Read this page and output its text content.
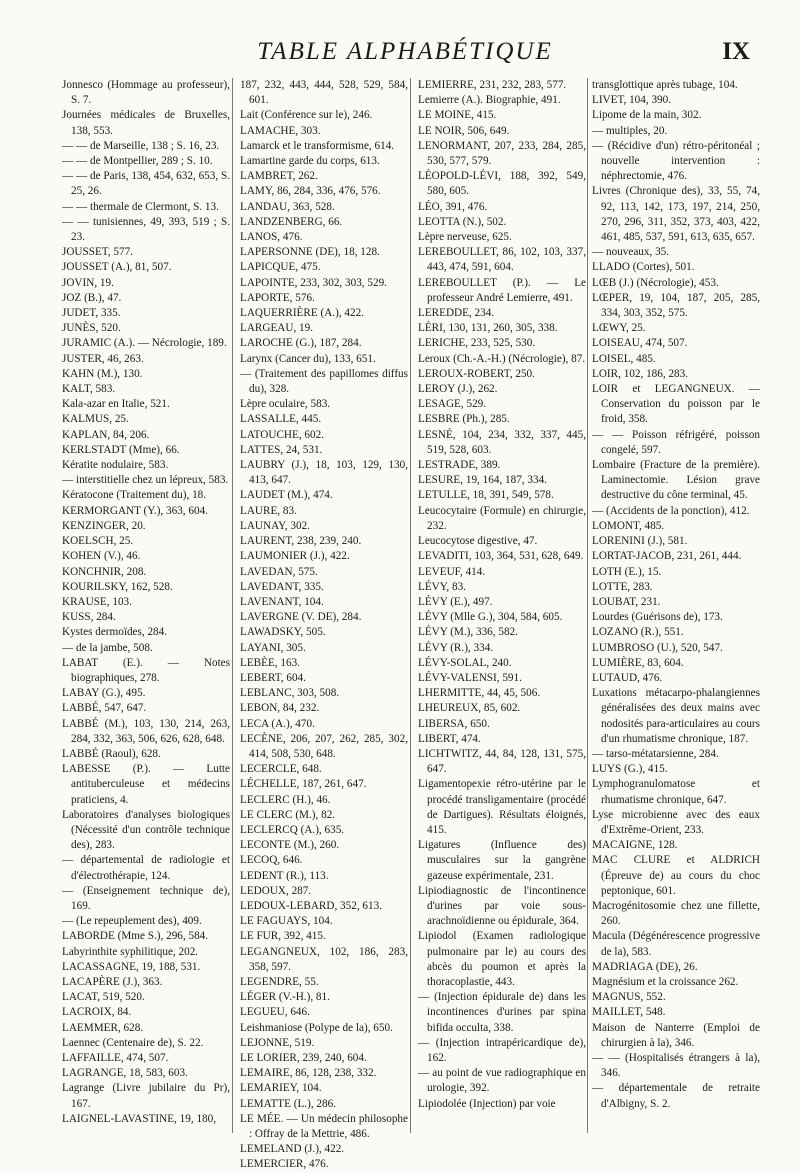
TABLE ALPHABÉTIQUE	IX
Jonnesco (Hommage au professeur), S. 7.
Journées médicales de Bruxelles, 138, 553.
— — de Marseille, 138 ; S. 16, 23.
— — de Montpellier, 289 ; S. 10.
— — de Paris, 138, 454, 632, 653, S. 25, 26.
— — thermale de Clermont, S. 13.
— — tunisiennes, 49, 393, 519 ; S. 23.
JOUSSET, 577.
JOUSSET (A.), 81, 507.
JOVIN, 19.
JOZ (B.), 47.
JUDET, 335.
JUNÈS, 520.
JURAMIC (A.). — Nécrologie, 189.
JUSTER, 46, 263.
KAHN (M.), 130.
KALT, 583.
Kala-azar en Italie, 521.
KALMUS, 25.
KAPLAN, 84, 206.
KERLSTADT (Mme), 66.
Kératite nodulaire, 583.
— interstitielle chez un lépreux, 583.
Kératocone (Traitement du), 18.
KERMORGANT (Y.), 363, 604.
KENZINGER, 20.
KOELSCH, 25.
KOHEN (V.), 46.
KONCHNIR, 208.
KOURILSKY, 162, 528.
KRAUSE, 103.
KUSS, 284.
Kystes dermoïdes, 284.
— de la jambe, 508.
LABAT (E.). — Notes biographiques, 278.
LABAY (G.), 495.
LABBÉ, 547, 647.
LABBÉ (M.), 103, 130, 214, 263, 284, 332, 363, 506, 626, 628, 648.
LABBÉ (Raoul), 628.
LABESSE (P.). — Lutte antituberculeuse et médecins praticiens, 4.
Laboratoires d'analyses biologiques (Nécessité d'un contrôle technique des), 283.
— départemental de radiologie et d'électrothérapie, 124.
— (Enseignement technique de), 169.
— (Le repeuplement des), 409.
LABORDE (Mme S.), 296, 584.
Labyrinthite syphilitique, 202.
LACASSAGNE, 19, 188, 531.
LACAPÈRE (J.), 363.
LACAT, 519, 520.
LACROIX, 84.
LAEMMER, 628.
Laennec (Centenaire de), S. 22.
LAFFAILLE, 474, 507.
LAGRANGE, 18, 583, 603.
Lagrange (Livre jubilaire du Pr), 167.
LAIGNEL-LAVASTINE, 19, 180,
187, 232, 443, 444, 528, 529, 584, 601.
Lait (Conférence sur le), 246.
LAMACHE, 303.
Lamarck et le transformisme, 614.
Lamartine garde du corps, 613.
LAMBRET, 262.
LAMY, 86, 284, 336, 476, 576.
LANDAU, 363, 528.
LANDZENBERG, 66.
LANOS, 476.
LAPERSONNE (DE), 18, 128.
LAPICQUE, 475.
LAPOINTE, 233, 302, 303, 529.
LAPORTE, 576.
LAQUERRIÈRE (A.), 422.
LARGEAU, 19.
LAROCHE (G.), 187, 284.
Larynx (Cancer du), 133, 651.
— (Traitement des papillomes diffus du), 328.
Lèpre oculaire, 583.
LASSALLE, 445.
LATOUCHE, 602.
LATTES, 24, 531.
LAUBRY (J.), 18, 103, 129, 130, 413, 647.
LAUDET (M.), 474.
LAURE, 83.
LAUNAY, 302.
LAURENT, 238, 239, 240.
LAUMONIER (J.), 422.
LAVEDAN, 575.
LAVEDANT, 335.
LAVENANT, 104.
LAVERGNE (V. DE), 284.
LAWADSKY, 505.
LAYANI, 305.
LEBÈE, 163.
LEBERT, 604.
LEBLANC, 303, 508.
LEBON, 84, 232.
LECA (A.), 470.
LECÈNE, 206, 207, 262, 285, 302, 414, 508, 530, 648.
LECERCLE, 648.
LÉCHELLE, 187, 261, 647.
LECLERC (H.), 46.
LE CLERC (M.), 82.
LECLERCQ (A.), 635.
LECONTE (M.), 260.
LECOQ, 646.
LEDENT (R.), 113.
LEDOUX, 287.
LEDOUX-LEBARD, 352, 613.
LE FAGUAYS, 104.
LE FUR, 392, 415.
LEGANGNEUX, 102, 186, 283, 358, 597.
LEGENDRE, 55.
LÉGER (V.-H.), 81.
LEGUEU, 646.
Leishmaniose (Polype de la), 650.
LEJONNE, 519.
LE LORIER, 239, 240, 604.
LEMAIRE, 86, 128, 238, 332.
LEMARIEY, 104.
LEMATTE (L.), 286.
LE MÉE. — Un médecin philosophe : Offray de la Mettrie, 486.
LEMELAND (J.), 422.
LEMERCIER, 476.
LEMIERRE, 231, 232, 283, 577.
Lemierre (A.). Biographie, 491.
LE MOINE, 415.
LE NOIR, 506, 649.
LENORMANT, 207, 233, 284, 285, 530, 577, 579.
LÉOPOLD-LÉVI, 188, 392, 549, 580, 605.
LÉO, 391, 476.
LEOTTA (N.), 502.
Lèpre nerveuse, 625.
LEREBOULLET, 86, 102, 103, 337, 443, 474, 591, 604.
LEREBOULLET (P.). — Le professeur André Lemierre, 491.
LEREDDE, 234.
LÉRI, 130, 131, 260, 305, 338.
LERICHE, 233, 525, 530.
Leroux (Ch.-A.-H.) (Nécrologie), 87.
LEROUX-ROBERT, 250.
LEROY (J.), 262.
LESAGE, 529.
LESBRE (Ph.), 285.
LESNÉ, 104, 234, 332, 337, 445, 519, 528, 603.
LESTRADE, 389.
LESURE, 19, 164, 187, 334.
LETULLE, 18, 391, 549, 578.
Leucocytaire (Formule) en chirurgie, 232.
Leucocytose digestive, 47.
LEVADITI, 103, 364, 531, 628, 649.
LEVEUF, 414.
LÉVY, 83.
LÉVY (E.), 497.
LÉVY (Mlle G.), 304, 584, 605.
LÉVY (M.), 336, 582.
LÉVY (R.), 334.
LÉVY-SOLAL, 240.
LÉVY-VALENSI, 591.
LHERMITTE, 44, 45, 506.
LHEUREUX, 85, 602.
LIBERSA, 650.
LIBERT, 474.
LICHTWITZ, 44, 84, 128, 131, 575, 647.
Ligamentopexie rétro-utérine par le procédé transligamentaire (procédé de Dartigues). Résultats éloignés, 415.
Ligatures (Influence des) musculaires sur la gangrène gazeuse expérimentale, 231.
Lipiodiagnostic de l'incontinence d'urines par voie sous-arachnoïdienne ou épidurale, 364.
Lipiodol (Examen radiologique pulmonaire par le) au cours des abcès du poumon et après la thoracoplastie, 443.
— (Injection épidurale de) dans les incontinences d'urines par spina bifida occulta, 338.
— (Injection intrapéricardique de), 162.
— au point de vue radiographique en urologie, 392.
Lipiodolée (Injection) par voie
transglottique après tubage, 104.
LIVET, 104, 390.
Lipome de la main, 302.
— multiples, 20.
— (Récidive d'un) rétro-péritonéal ; nouvelle intervention : néphrectomie, 476.
Livres (Chronique des), 33, 55, 74, 92, 113, 142, 173, 197, 214, 250, 270, 296, 311, 352, 373, 403, 422, 461, 485, 537, 591, 613, 635, 657.
— nouveaux, 35.
LLADO (Cortes), 501.
LŒB (J.) (Nécrologie), 453.
LŒPER, 19, 104, 187, 205, 285, 334, 303, 352, 575.
LŒWY, 25.
LOISEAU, 474, 507.
LOISEL, 485.
LOIR, 102, 186, 283.
LOIR et LEGANGNEUX. — Conservation du poisson par le froid, 358.
— — Poisson réfrigéré, poisson congelé, 597.
Lombaire (Fracture de la première). Laminectomie. Lésion grave destructive du cône terminal, 45.
— (Accidents de la ponction), 412.
LOMONT, 485.
LORENINI (J.), 581.
LORTAT-JACOB, 231, 261, 444.
LOTH (E.), 15.
LOTTE, 283.
LOUBAT, 231.
Lourdes (Guérisons de), 173.
LOZANO (R.), 551.
LUMBROSO (U.), 520, 547.
LUMIÈRE, 83, 604.
LUTAUD, 476.
Luxations métacarpo-phalangiennes généralisées des deux mains avec nodosités para-articulaires au cours d'un rhumatisme chronique, 187.
— tarso-métatarsienne, 284.
LUYS (G.), 415.
Lymphogranulomatose et rhumatisme chronique, 647.
Lyse microbienne avec des eaux d'Extrême-Orient, 233.
MACAIGNE, 128.
MAC CLURE et ALDRICH (Épreuve de) au cours du choc peptonique, 601.
Macrogénitosomie chez une fillette, 260.
Macula (Dégénérescence progressive de la), 583.
MADRIAGA (DE), 26.
Magnésium et la croissance 262.
MAGNUS, 552.
MAILLET, 548.
Maison de Nanterre (Emploi de chirurgien à la), 346.
— — (Hospitalisés étrangers à la), 346.
— départementale de retraite d'Albigny, S. 2.
